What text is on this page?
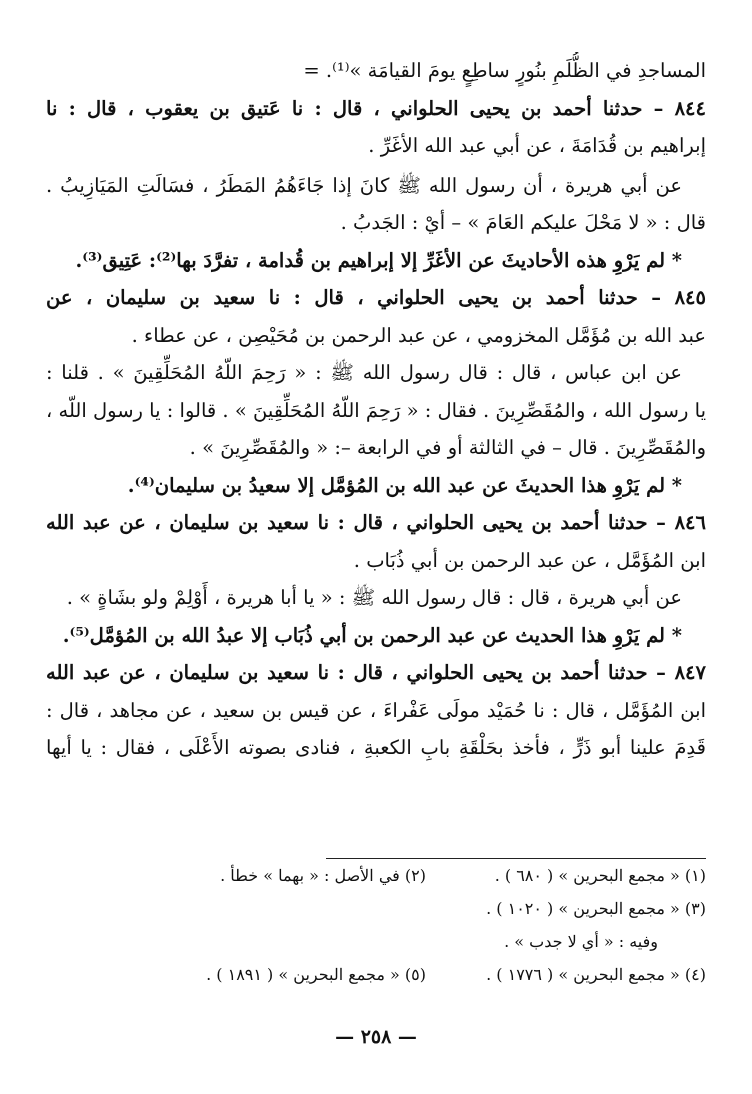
المساجدِ في الظُّلَمِ بنُورٍ ساطِعٍ يومَ القيامَة »⁽¹⁾. =
٨٤٤ – حدثنا أحمد بن يحيى الحلواني ، قال : نا عَتيق بن يعقوب ، قال : نا
إبراهيم بن قُدَامَةَ ، عن أبي عبد الله الأغَرِّ .
عن أبي هريرة ، أن رسول الله ﷺ كانَ إذا جَاءَهُمُ المَطَرُ ، فسَالَتِ المَيَازِيبُ .
قال : « لا مَحْلَ عليكم العَامَ » – أيْ : الجَدبُ .
* لم يَرْوِ هذه الأحاديثَ عن الأغَرِّ إلا إبراهيم بن قُدامة ، تفرَّدَ بها⁽²⁾: عَتِيق⁽³⁾.
٨٤٥ – حدثنا أحمد بن يحيى الحلواني ، قال : نا سعيد بن سليمان ، عن
عبد الله بن مُؤَمَّل المخزومي ، عن عبد الرحمن بن مُحَيْصِن ، عن عطاء .
عن ابن عباس ، قال : قال رسول الله ﷺ : « رَحِمَ اللّهُ المُحَلِّقِينَ » . قلنا :
يا رسول الله ، والمُقَصِّرِينَ . فقال : « رَحِمَ اللّهُ المُحَلِّقِينَ » . قالوا : يا رسول اللّه ،
والمُقَصِّرِينَ . قال – في الثالثة أو في الرابعة –: « والمُقَصِّرِينَ » .
* لم يَرْوِ هذا الحديثَ عن عبد الله بن المُؤمَّل إلا سعيدُ بن سليمان⁽⁴⁾.
٨٤٦ – حدثنا أحمد بن يحيى الحلواني ، قال : نا سعيد بن سليمان ، عن عبد الله
ابن المُؤَمَّل ، عن عبد الرحمن بن أبي ذُبَاب .
عن أبي هريرة ، قال : قال رسول الله ﷺ : « يا أبا هريرة ، أَوْلِمْ ولو بشَاةٍ » .
* لم يَرْوِ هذا الحديث عن عبد الرحمن بن أبي ذُبَاب إلا عبدُ الله بن المُؤمَّل⁽⁵⁾.
٨٤٧ – حدثنا أحمد بن يحيى الحلواني ، قال : نا سعيد بن سليمان ، عن عبد الله
ابن المُؤَمَّل ، قال : نا حُمَيْد مولَى عَفْراءَ ، عن قيس بن سعيد ، عن مجاهد ، قال :
قَدِمَ علينا أبو ذَرٍّ ، فأخذ بحَلْقَةِ بابِ الكعبةِ ، فنادى بصوته الأَعْلَى ، فقال : يا أيها
(١) « مجمع البحرين » ( ٦٨٠ ) .
(٢) في الأصل : « بهما » خطأ .
(٣) « مجمع البحرين » ( ١٠٢٠ ) .
وفيه : « أي لا جدب » .
(٤) « مجمع البحرين » ( ١٧٧٦ ) .
(٥) « مجمع البحرين » ( ١٨٩١ ) .
— ٢٥٨ —
